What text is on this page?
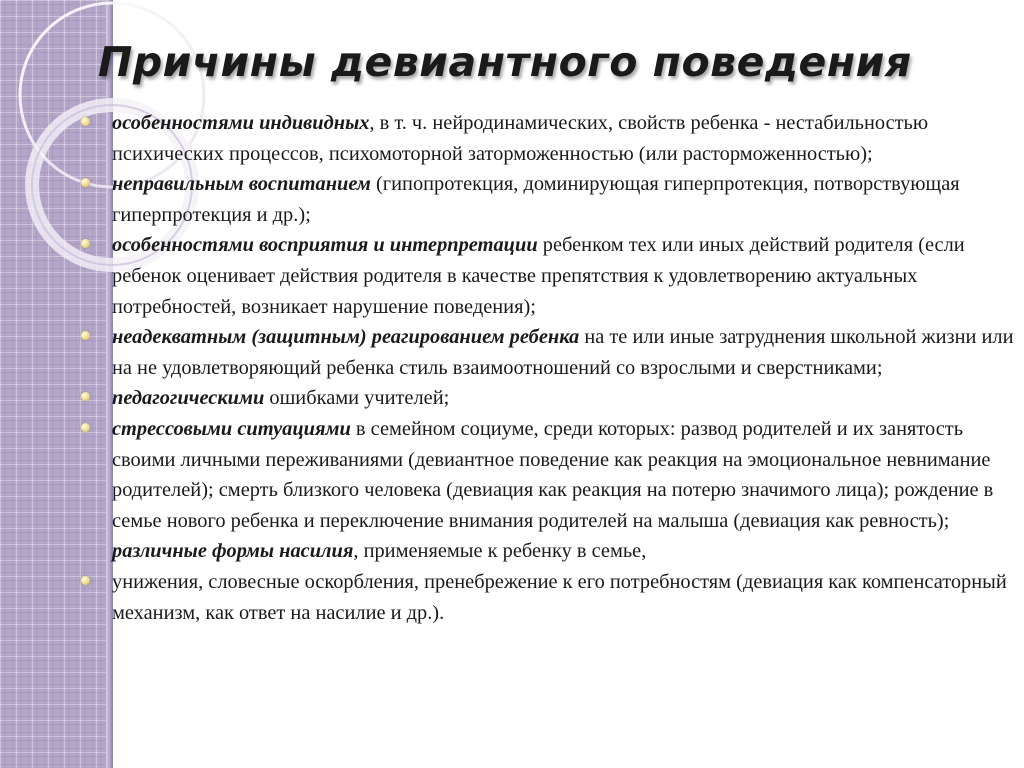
Причины девиантного поведения

особенностями индивидных, в т. ч. нейродинамических, свойств ребенка - нестабильностью психических процессов, психомоторной заторможенностью (или расторможенностью);

неправильным воспитанием (гипопротекция, доминирующая гиперпротекция, потворствующая гиперпротекция и др.);

особенностями восприятия и интерпретации ребенком тех или иных действий родителя (если ребенок оценивает действия родителя в качестве препятствия к удовлетворению актуальных потребностей, возникает нарушение поведения);

неадекватным (защитным) реагированием ребенка на те или иные затруднения школьной жизни или на не удовлетворяющий ребенка стиль взаимоотношений со взрослыми и сверстниками;

педагогическими ошибками учителей;

стрессовыми ситуациями в семейном социуме, среди которых: развод родителей и их занятость своими личными переживаниями (девиантное поведение как реакция на эмоциональное невнимание родителей); смерть близкого человека (девиация как реакция на потерю значимого лица); рождение в семье нового ребенка и переключение внимания родителей на малыша (девиация как ревность); различные формы насилия, применяемые к ребенку в семье,

унижения, словесные оскорбления, пренебрежение к его потребностям (девиация как компенсаторный механизм, как ответ на насилие и др.).
